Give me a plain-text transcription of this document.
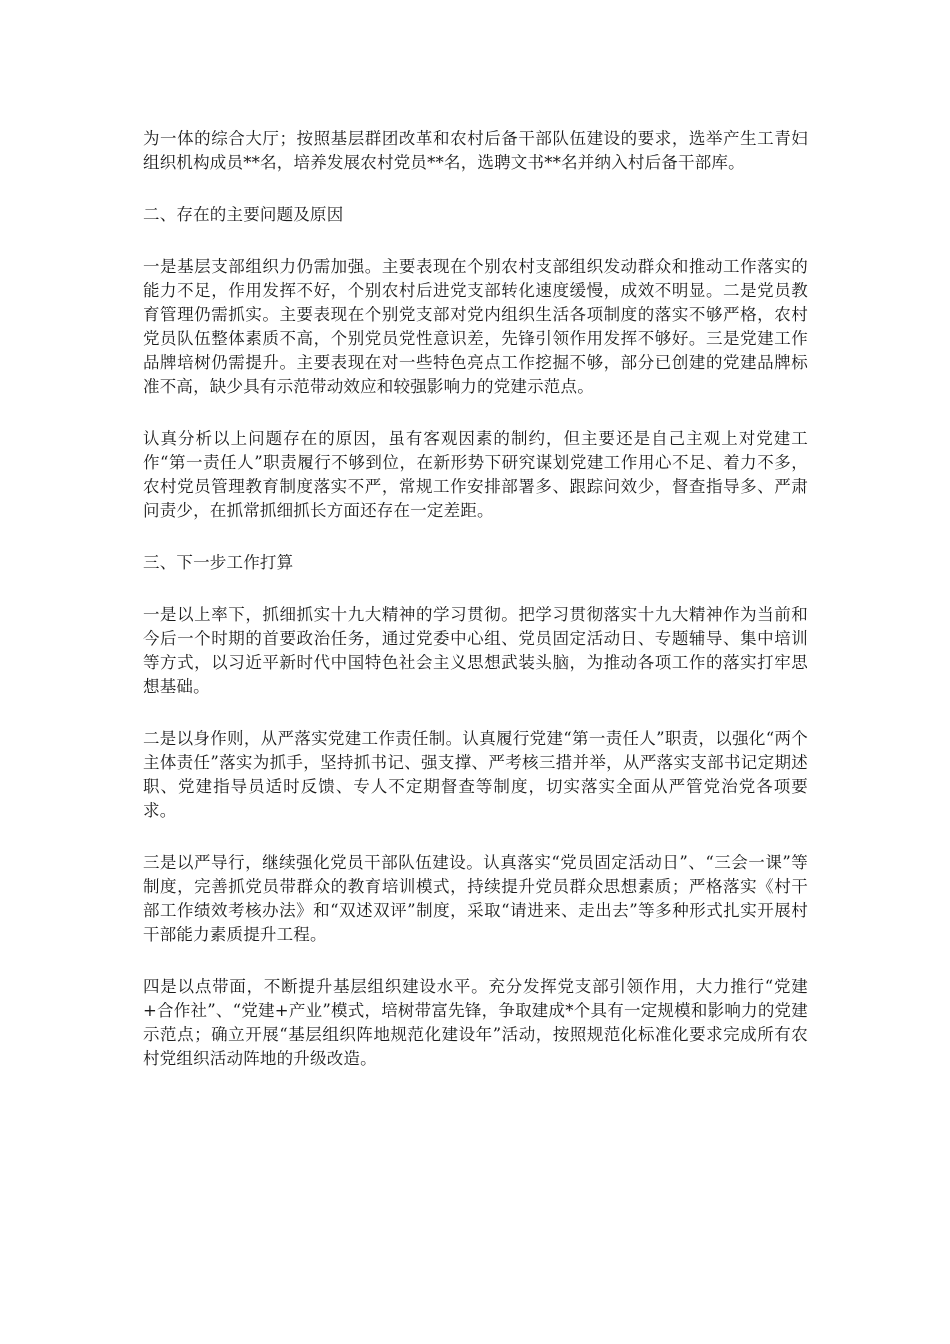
为一体的综合大厅；按照基层群团改革和农村后备干部队伍建设的要求，选举产生工青妇组织机构成员**名，培养发展农村党员**名，选聘文书**名并纳入村后备干部库。

二、存在的主要问题及原因

一是基层支部组织力仍需加强。主要表现在个别农村支部组织发动群众和推动工作落实的能力不足，作用发挥不好，个别农村后进党支部转化速度缓慢，成效不明显。二是党员教育管理仍需抓实。主要表现在个别党支部对党内组织生活各项制度的落实不够严格，农村党员队伍整体素质不高，个别党员党性意识差，先锋引领作用发挥不够好。三是党建工作品牌培树仍需提升。主要表现在对一些特色亮点工作挖掘不够，部分已创建的党建品牌标准不高，缺少具有示范带动效应和较强影响力的党建示范点。

认真分析以上问题存在的原因，虽有客观因素的制约，但主要还是自己主观上对党建工作“第一责任人”职责履行不够到位，在新形势下研究谋划党建工作用心不足、着力不多，农村党员管理教育制度落实不严，常规工作安排部署多、跟踪问效少，督查指导多、严肃问责少，在抓常抓细抓长方面还存在一定差距。

三、下一步工作打算

一是以上率下，抓细抓实十九大精神的学习贯彻。把学习贯彻落实十九大精神作为当前和今后一个时期的首要政治任务，通过党委中心组、党员固定活动日、专题辅导、集中培训等方式，以习近平新时代中国特色社会主义思想武装头脑，为推动各项工作的落实打牢思想基础。

二是以身作则，从严落实党建工作责任制。认真履行党建“第一责任人”职责，以强化“两个主体责任”落实为抓手，坚持抓书记、强支撑、严考核三措并举，从严落实支部书记定期述职、党建指导员适时反馈、专人不定期督查等制度，切实落实全面从严管党治党各项要求。

三是以严导行，继续强化党员干部队伍建设。认真落实“党员固定活动日”、“三会一课”等制度，完善抓党员带群众的教育培训模式，持续提升党员群众思想素质；严格落实《村干部工作绩效考核办法》和“双述双评”制度，采取“请进来、走出去”等多种形式扎实开展村干部能力素质提升工程。

四是以点带面，不断提升基层组织建设水平。充分发挥党支部引领作用，大力推行“党建+合作社”、“党建+产业”模式，培树带富先锋，争取建成*个具有一定规模和影响力的党建示范点；确立开展“基层组织阵地规范化建设年”活动，按照规范化标准化要求完成所有农村党组织活动阵地的升级改造。
